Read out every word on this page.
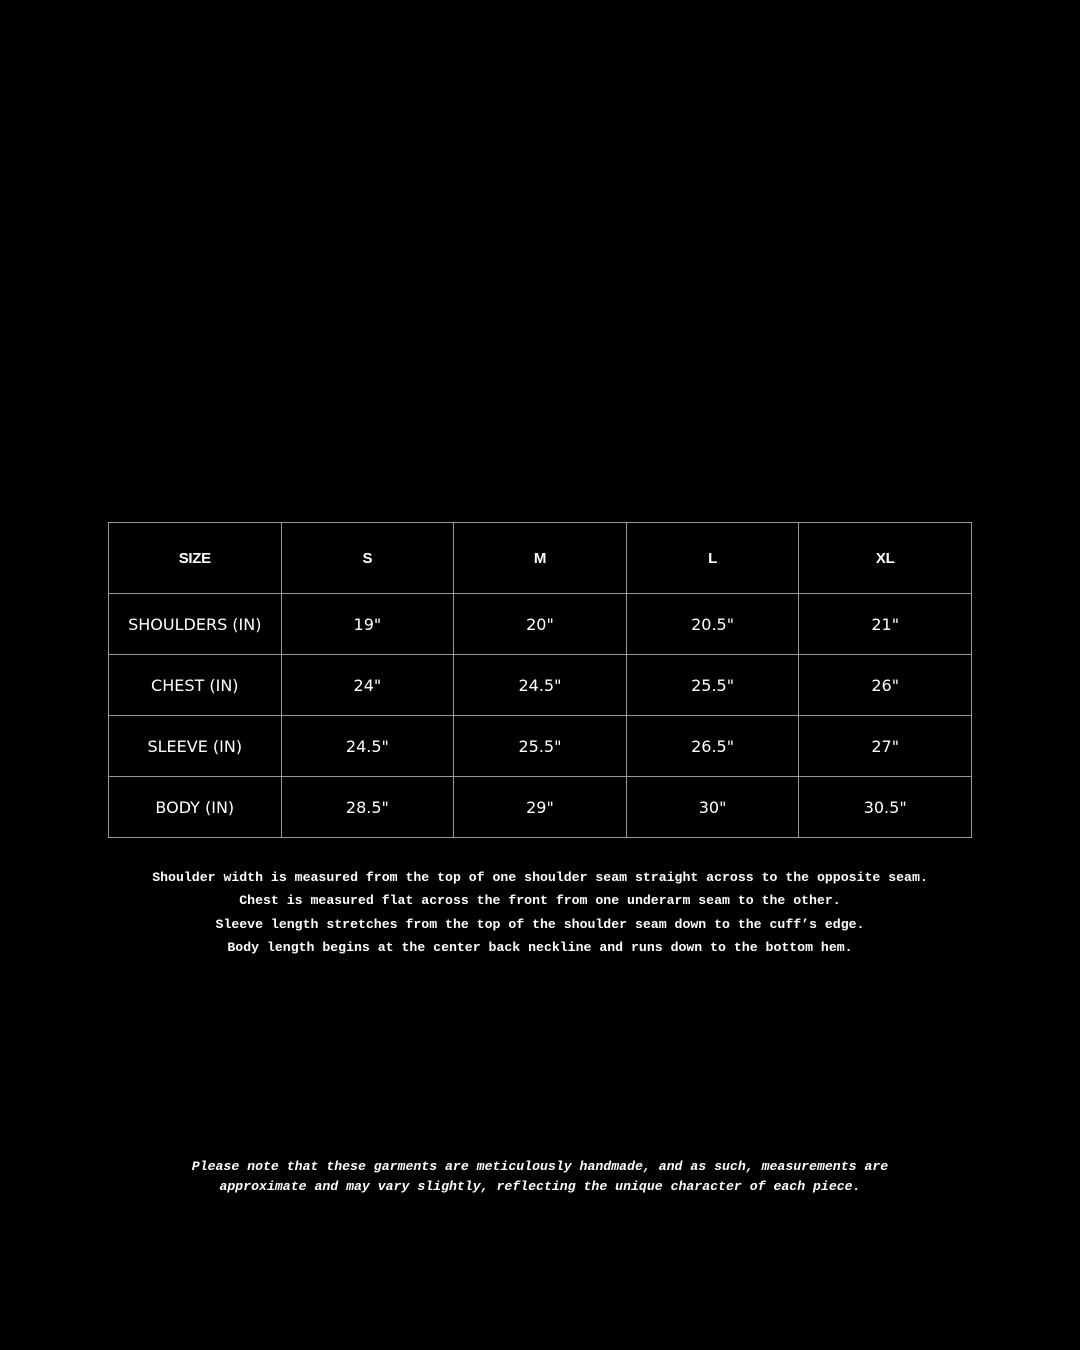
SIZE	S	M	L	XL
SHOULDERS (IN)	19"	20"	20.5"	21"
CHEST (IN)	24"	24.5"	25.5"	26"
SLEEVE (IN)	24.5"	25.5"	26.5"	27"
BODY (IN)	28.5"	29"	30"	30.5"
Shoulder width is measured from the top of one shoulder seam straight across to the opposite seam.
Chest is measured flat across the front from one underarm seam to the other.
Sleeve length stretches from the top of the shoulder seam down to the cuff’s edge.
Body length begins at the center back neckline and runs down to the bottom hem.
Please note that these garments are meticulously handmade, and as such, measurements are
approximate and may vary slightly, reflecting the unique character of each piece.
